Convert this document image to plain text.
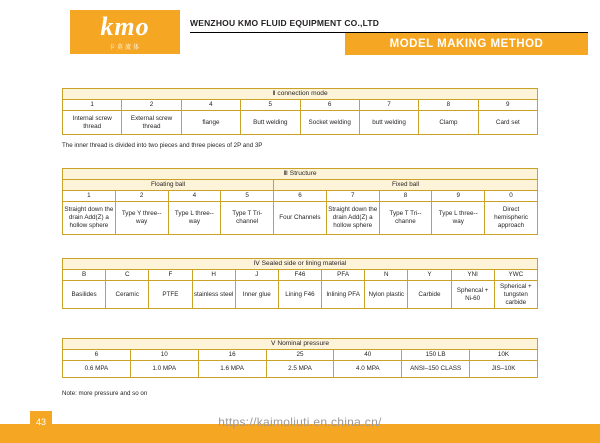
kmo
卡莫流体
WENZHOU KMO FLUID EQUIPMENT CO.,LTD
MODEL MAKING METHOD
Ⅱ connection mode							
1	2	4	5	6	7	8	9
Internal screw thread	External screw thread	flange	Butt welding	Socket welding	butt welding	Clamp	Card set
The inner thread is divided into two pieces and three pieces of 2P and 3P
Ⅲ Structure								
Floating ball				Fixed ball				
1	2	4	5	6	7	8	9	0
Straight down the drain Add(Z) a hollow sphere	Type Y three--way	Type L three--way	Type T Tri-channel	Four Channels	Straight down the drain Add(Z) a hollow sphere	Type T Tri--channe	Type L three--way	Direct hemispheric approach
Ⅳ Sealed side or lining material										
B	C	F	H	J	F46	PFA	N	Y	YNI	YWC
Basilides	Ceramic	PTFE	stainless steel	Inner glue	Lining F46	Inlining PFA	Nylon plastic	Carbide	Sphencal + Ni-60	Spherical + tungsten carbide
Ⅴ Nominal pressure						
6	10	16	25	40	150 LB	10K
0.6 MPA	1.0 MPA	1.6 MPA	2.5 MPA	4.0 MPA	ANSI–150 CLASS	JIS–10K
Note: more pressure and so on
43	https://kaimoliuti.en.china.cn/
